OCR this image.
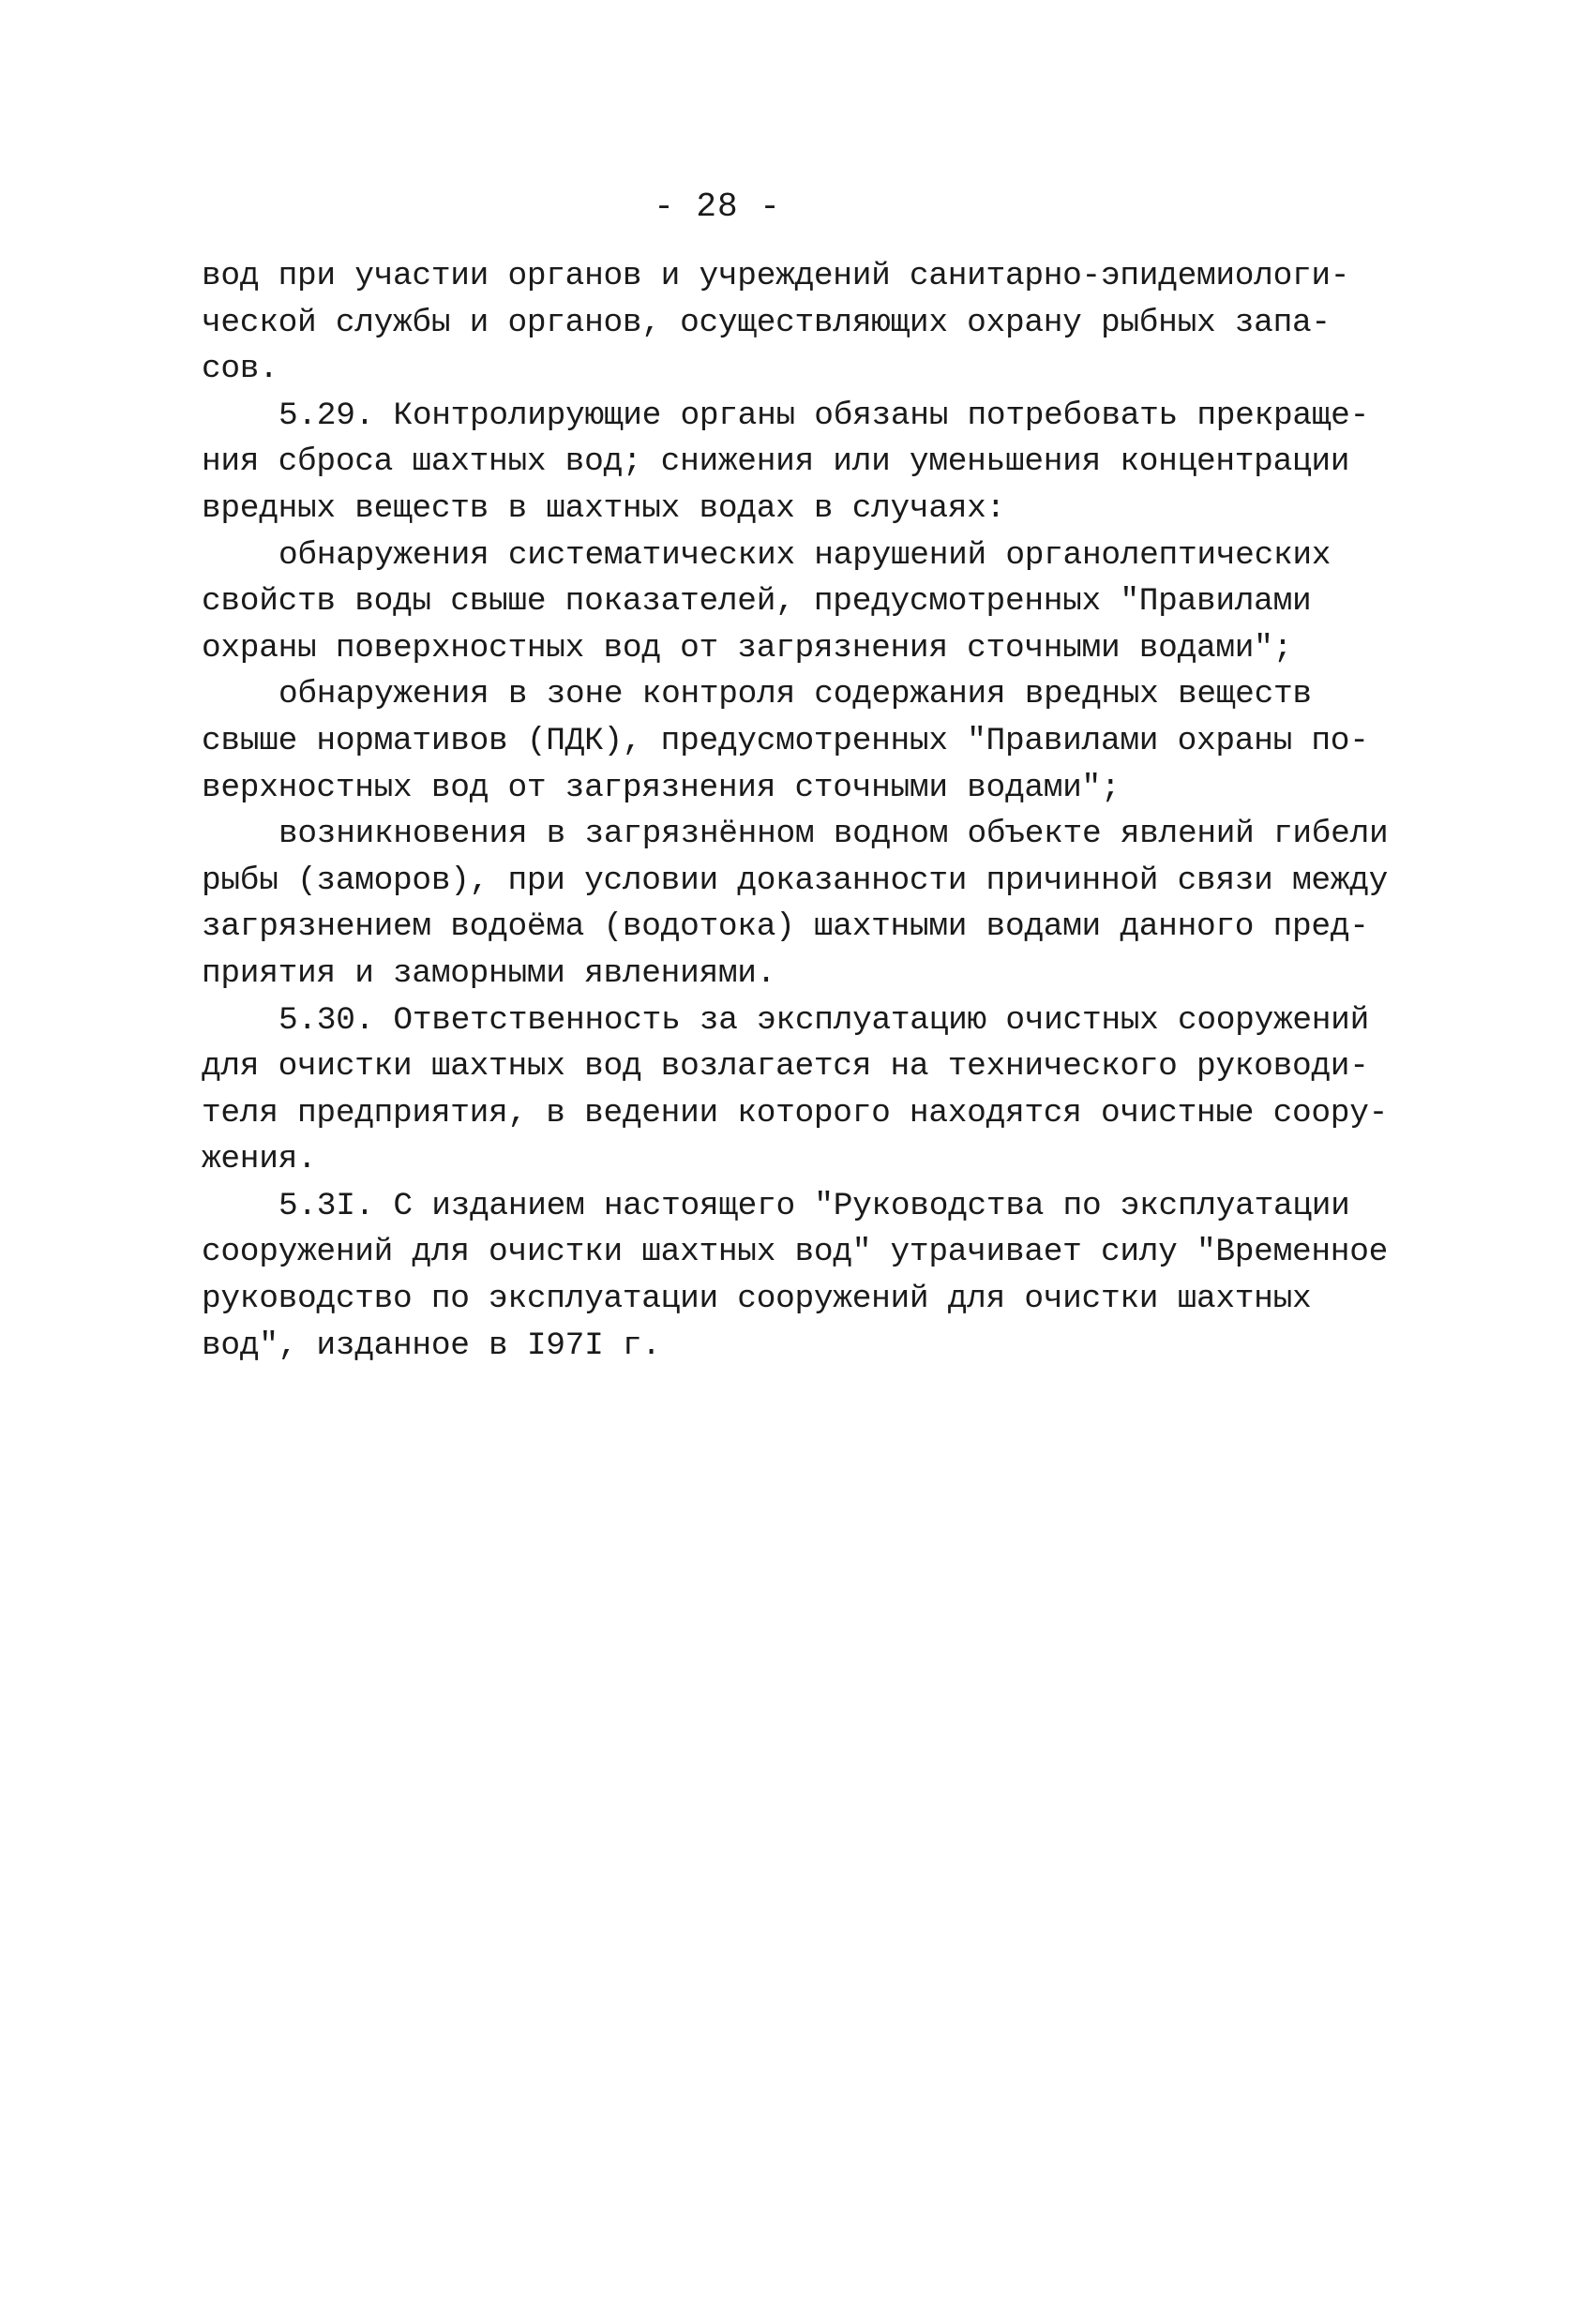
- 28 -
вод при участии органов и учреждений санитарно-эпидемиологи-
ческой службы и органов, осуществляющих охрану рыбных запа-
сов.
5.29. Контролирующие органы обязаны потребовать прекраще-
ния сброса шахтных вод; снижения или уменьшения концентрации
вредных веществ в шахтных водах в случаях:
обнаружения систематических нарушений органолептических
свойств воды свыше показателей, предусмотренных "Правилами
охраны поверхностных вод от загрязнения сточными водами";
обнаружения в зоне контроля содержания вредных веществ
свыше нормативов (ПДК), предусмотренных "Правилами охраны по-
верхностных вод от загрязнения сточными водами";
возникновения в загрязнённом водном объекте явлений гибели
рыбы (заморов), при условии доказанности причинной связи между
загрязнением водоёма (водотока) шахтными водами данного пред-
приятия и заморными явлениями.
5.30. Ответственность за эксплуатацию очистных сооружений
для очистки шахтных вод возлагается на технического руководи-
теля предприятия, в ведении которого находятся очистные соору-
жения.
5.3I. С изданием настоящего "Руководства по эксплуатации
сооружений для очистки шахтных вод" утрачивает силу "Временное
руководство по эксплуатации сооружений для очистки шахтных
вод", изданное в I97I г.
